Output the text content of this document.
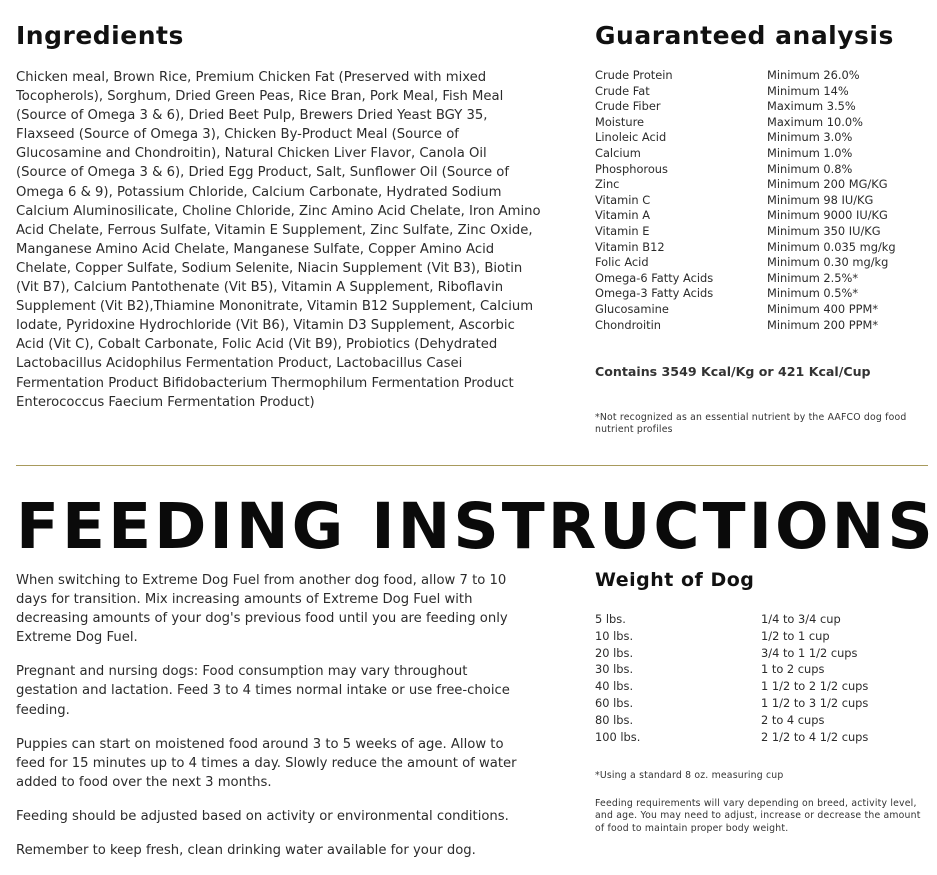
Ingredients

Chicken meal, Brown Rice, Premium Chicken Fat (Preserved with mixed Tocopherols), Sorghum, Dried Green Peas, Rice Bran, Pork Meal, Fish Meal (Source of Omega 3 & 6), Dried Beet Pulp, Brewers Dried Yeast BGY 35, Flaxseed (Source of Omega 3), Chicken By-Product Meal (Source of Glucosamine and Chondroitin), Natural Chicken Liver Flavor, Canola Oil (Source of Omega 3 & 6), Dried Egg Product, Salt, Sunflower Oil (Source of Omega 6 & 9), Potassium Chloride, Calcium Carbonate, Hydrated Sodium Calcium Aluminosilicate, Choline Chloride, Zinc Amino Acid Chelate, Iron Amino Acid Chelate, Ferrous Sulfate, Vitamin E Supplement, Zinc Sulfate, Zinc Oxide, Manganese Amino Acid Chelate, Manganese Sulfate, Copper Amino Acid Chelate, Copper Sulfate, Sodium Selenite, Niacin Supplement (Vit B3), Biotin (Vit B7), Calcium Pantothenate (Vit B5), Vitamin A Supplement, Riboflavin Supplement (Vit B2),Thiamine Mononitrate, Vitamin B12 Supplement, Calcium Iodate, Pyridoxine Hydrochloride (Vit B6), Vitamin D3 Supplement, Ascorbic Acid (Vit C), Cobalt Carbonate, Folic Acid (Vit B9), Probiotics (Dehydrated Lactobacillus Acidophilus Fermentation Product, Lactobacillus Casei Fermentation Product Bifidobacterium Thermophilum Fermentation Product Enterococcus Faecium Fermentation Product)

Guaranteed analysis
Crude Protein	Minimum 26.0%
Crude Fat	Minimum 14%
Crude Fiber	Maximum 3.5%
Moisture	Maximum 10.0%
Linoleic Acid	Minimum 3.0%
Calcium	Minimum 1.0%
Phosphorous	Minimum 0.8%
Zinc	Minimum 200 MG/KG
Vitamin C	Minimum 98 IU/KG
Vitamin A	Minimum 9000 IU/KG
Vitamin E	Minimum 350 IU/KG
Vitamin B12	Minimum 0.035 mg/kg
Folic Acid	Minimum 0.30 mg/kg
Omega-6 Fatty Acids	Minimum 2.5%*
Omega-3 Fatty Acids	Minimum 0.5%*
Glucosamine	Minimum 400 PPM*
Chondroitin	Minimum 200 PPM*
Contains 3549 Kcal/Kg or 421 Kcal/Cup
*Not recognized as an essential nutrient by the AAFCO dog food nutrient profiles
FEEDING INSTRUCTIONS

When switching to Extreme Dog Fuel from another dog food, allow 7 to 10 days for transition. Mix increasing amounts of Extreme Dog Fuel with decreasing amounts of your dog's previous food until you are feeding only Extreme Dog Fuel.

Pregnant and nursing dogs: Food consumption may vary throughout gestation and lactation. Feed 3 to 4 times normal intake or use free-choice feeding.

Puppies can start on moistened food around 3 to 5 weeks of age. Allow to feed for 15 minutes up to 4 times a day. Slowly reduce the amount of water added to food over the next 3 months.

Feeding should be adjusted based on activity or environmental conditions.

Remember to keep fresh, clean drinking water available for your dog.

Weight of Dog
5 lbs.	1/4 to 3/4 cup
10 lbs.	1/2 to 1 cup
20 lbs.	3/4 to 1 1/2 cups
30 lbs.	1 to 2 cups
40 lbs.	1 1/2 to 2 1/2 cups
60 lbs.	1 1/2 to 3 1/2 cups
80 lbs.	2 to 4 cups
100 lbs.	2 1/2 to 4 1/2 cups
*Using a standard 8 oz. measuring cup
Feeding requirements will vary depending on breed, activity level, and age. You may need to adjust, increase or decrease the amount of food to maintain proper body weight.
